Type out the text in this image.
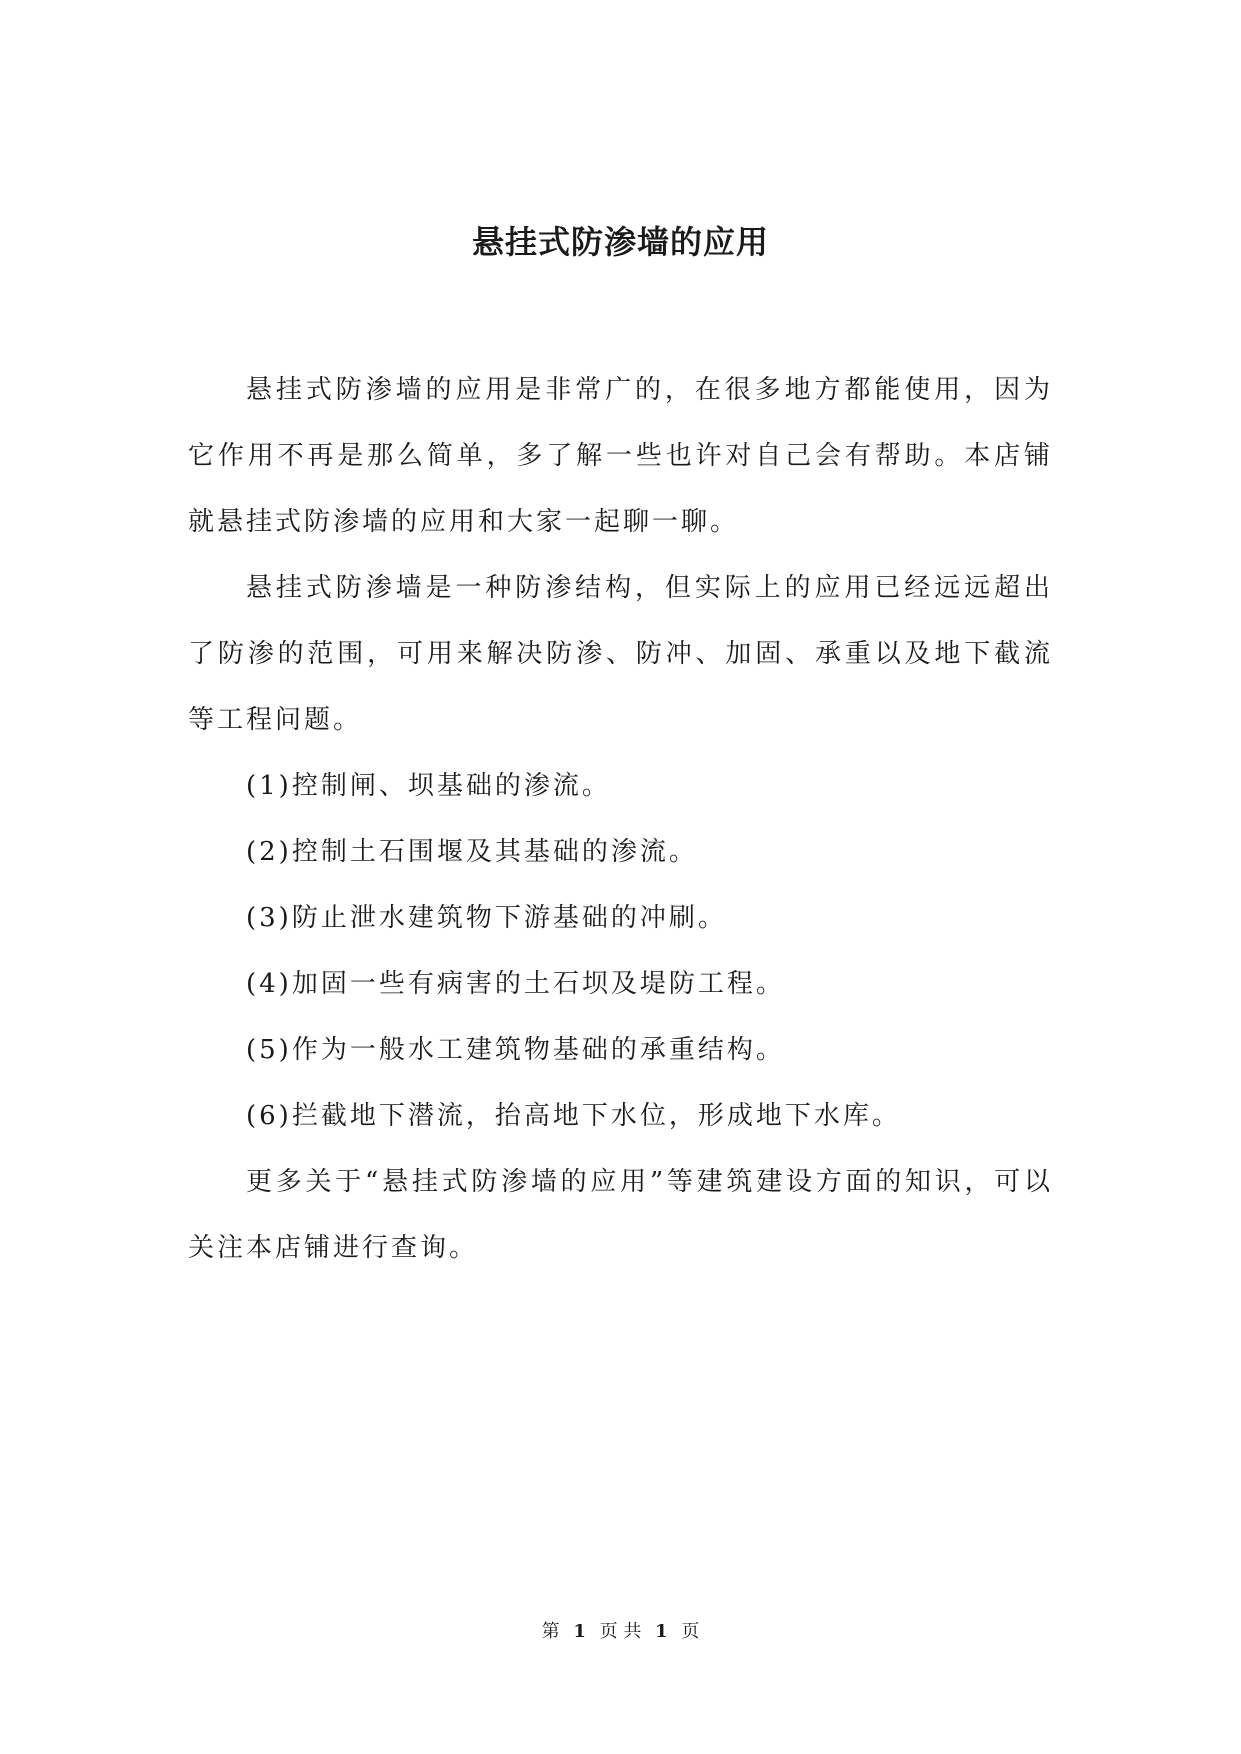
悬挂式防渗墙的应用

悬挂式防渗墙的应用是非常广的，在很多地方都能使用，因为它作用不再是那么简单，多了解一些也许对自己会有帮助。本店铺就悬挂式防渗墙的应用和大家一起聊一聊。

悬挂式防渗墙是一种防渗结构，但实际上的应用已经远远超出了防渗的范围，可用来解决防渗、防冲、加固、承重以及地下截流等工程问题。

(1)控制闸、坝基础的渗流。

(2)控制土石围堰及其基础的渗流。

(3)防止泄水建筑物下游基础的冲刷。

(4)加固一些有病害的土石坝及堤防工程。

(5)作为一般水工建筑物基础的承重结构。

(6)拦截地下潜流，抬高地下水位，形成地下水库。

更多关于“悬挂式防渗墙的应用”等建筑建设方面的知识，可以关注本店铺进行查询。

第 1 页 共 1 页
